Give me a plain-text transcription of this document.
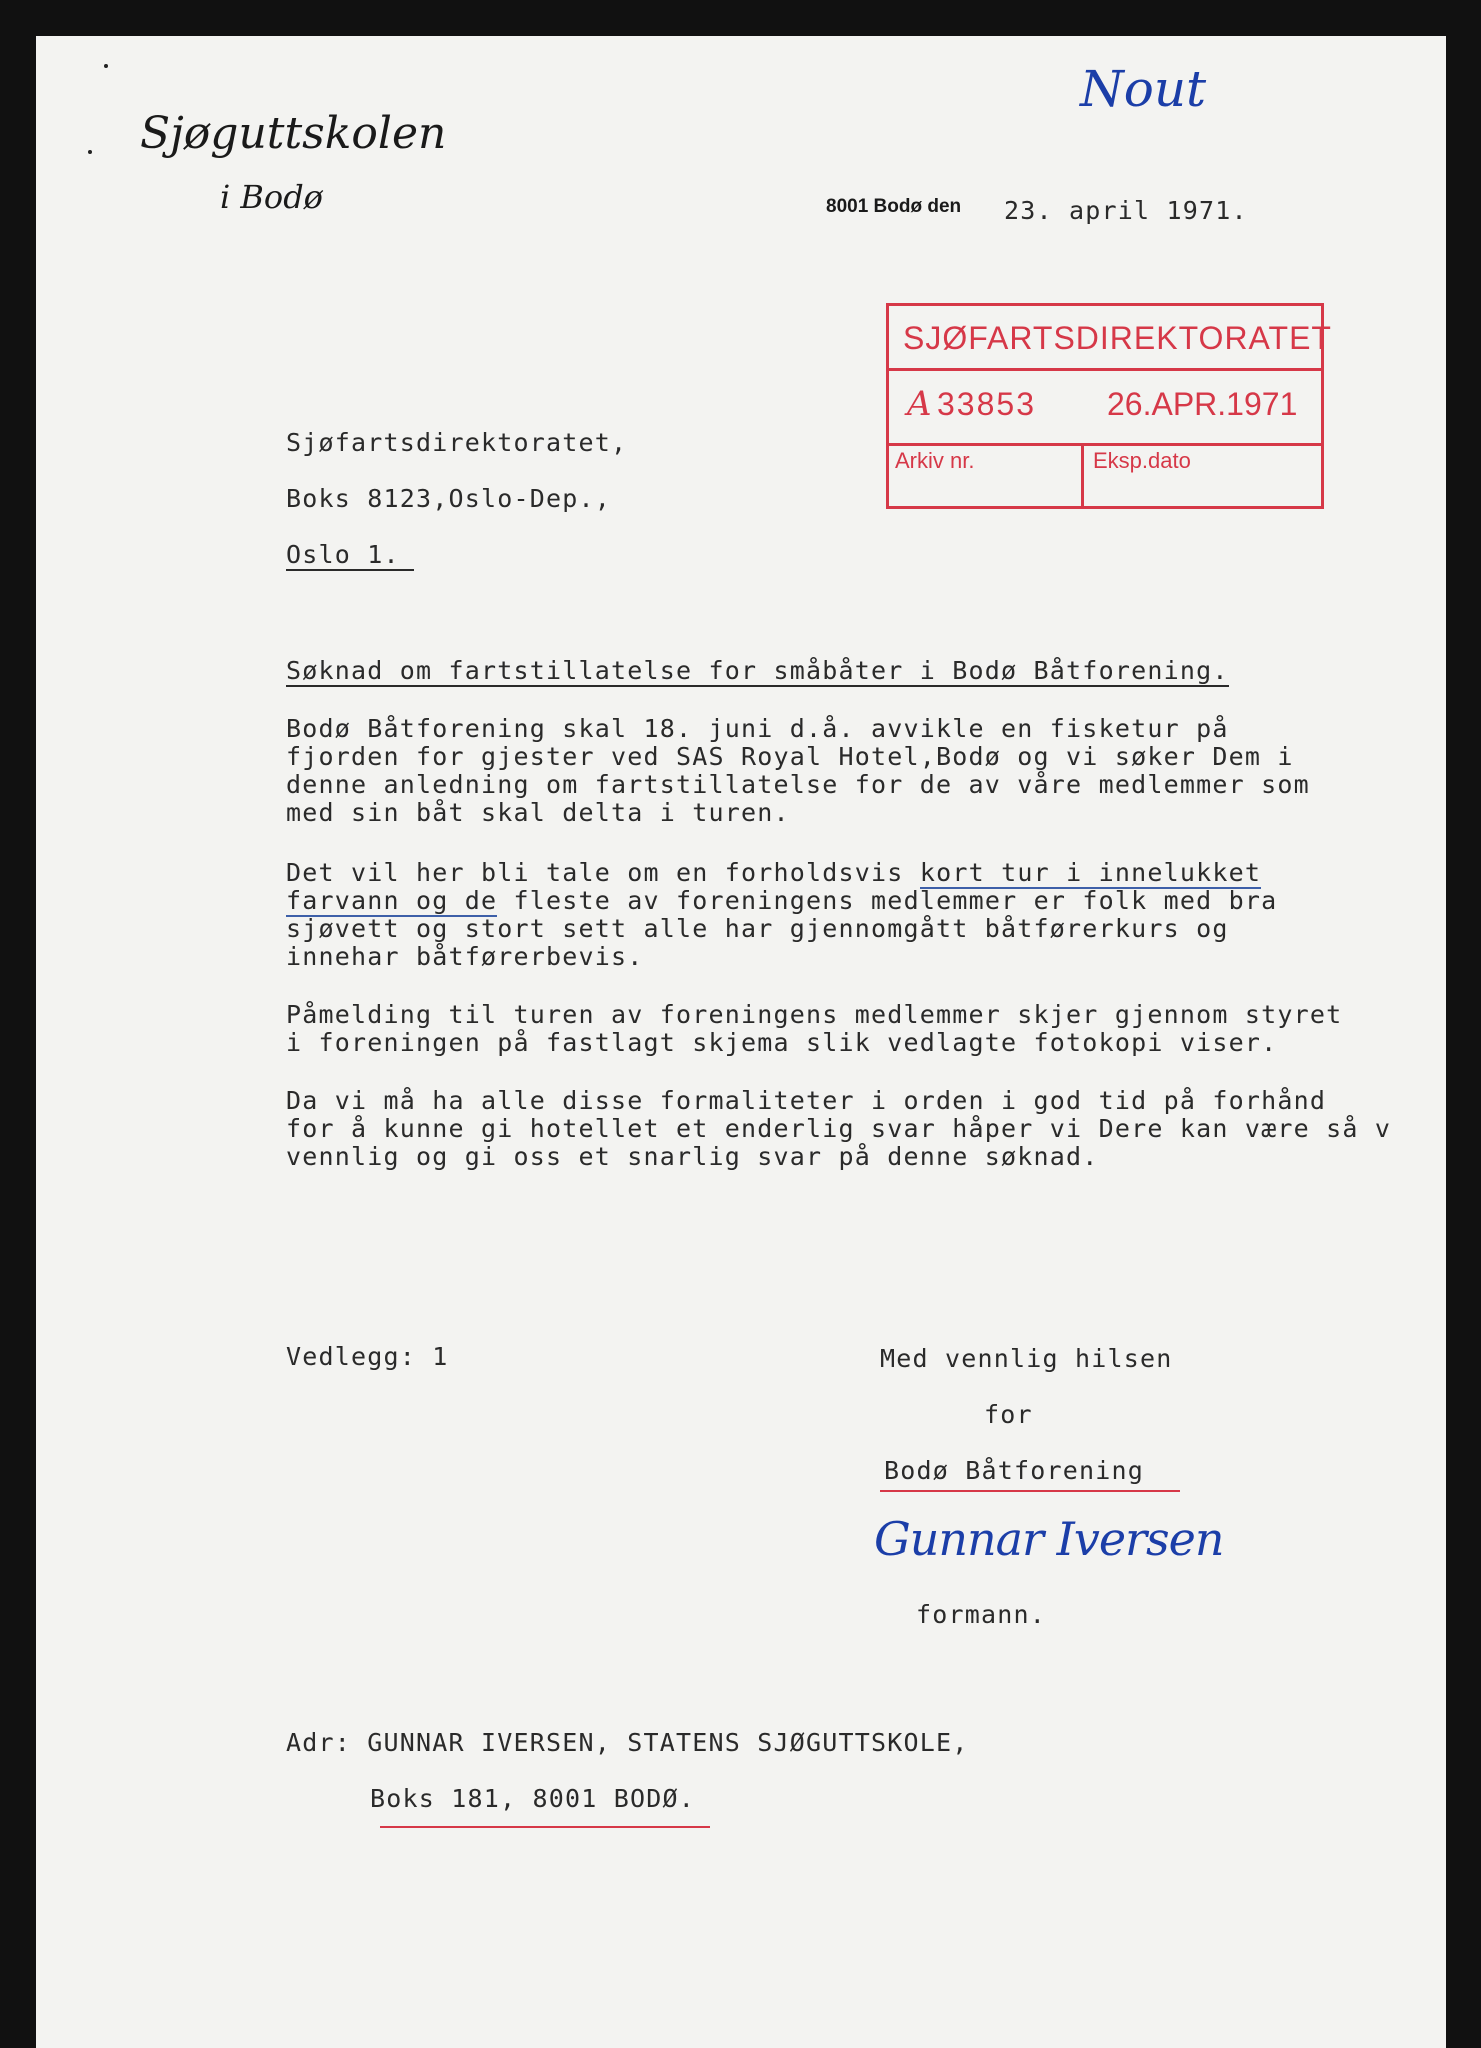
Nout
Sjøguttskolen
i Bodø	8001 Bodø den 23. april 1971.
SJØFARTSDIREKTORATET
A 33853 26.APR.1971
Arkiv nr.	Eksp.dato
Sjøfartsdirektoratet,
Boks 8123,Oslo-Dep.,
Oslo 1.
Søknad om fartstillatelse for småbåter i Bodø Båtforening.
Bodø Båtforening skal 18. juni d.å. avvikle en fisketur på
fjorden for gjester ved SAS Royal Hotel,Bodø og vi søker Dem i
denne anledning om fartstillatelse for de av våre medlemmer som
med sin båt skal delta i turen.
Det vil her bli tale om en forholdsvis kort tur i innelukket
farvann og de fleste av foreningens medlemmer er folk med bra
sjøvett og stort sett alle har gjennomgått båtførerkurs og
innehar båtførerbevis.
Påmelding til turen av foreningens medlemmer skjer gjennom styret
i foreningen på fastlagt skjema slik vedlagte fotokopi viser.
Da vi må ha alle disse formaliteter i orden i god tid på forhånd
for å kunne gi hotellet et enderlig svar håper vi Dere kan være så v
vennlig og gi oss et snarlig svar på denne søknad.
Vedlegg: 1	Med vennlig hilsen
for
Bodø Båtforening
Gunnar Iversen
formann.
Adr: GUNNAR IVERSEN, STATENS SJØGUTTSKOLE,
Boks 181, 8001 BODØ.
